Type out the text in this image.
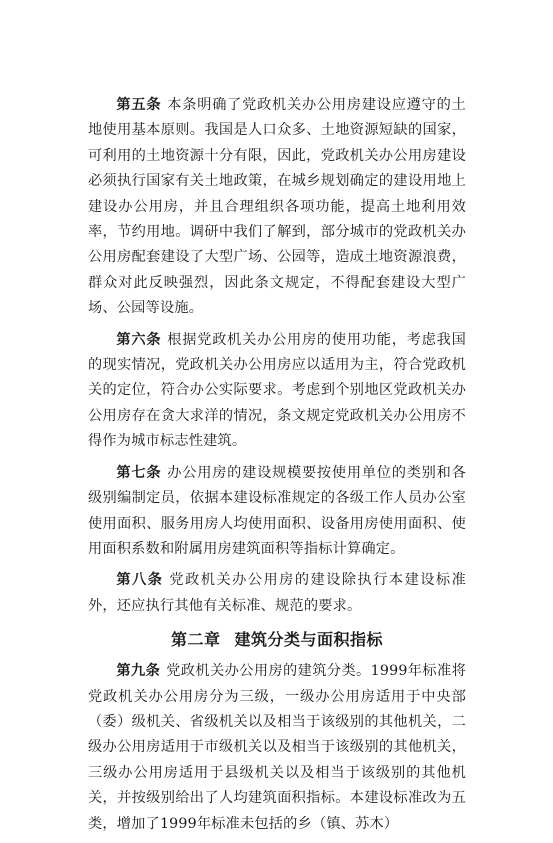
第五条 本条明确了党政机关办公用房建设应遵守的土地使用基本原则。我国是人口众多、土地资源短缺的国家，可利用的土地资源十分有限，因此，党政机关办公用房建设必须执行国家有关土地政策，在城乡规划确定的建设用地上建设办公用房，并且合理组织各项功能，提高土地利用效率，节约用地。调研中我们了解到，部分城市的党政机关办公用房配套建设了大型广场、公园等，造成土地资源浪费，群众对此反映强烈，因此条文规定，不得配套建设大型广场、公园等设施。

第六条 根据党政机关办公用房的使用功能，考虑我国的现实情况，党政机关办公用房应以适用为主，符合党政机关的定位，符合办公实际要求。考虑到个别地区党政机关办公用房存在贪大求洋的情况，条文规定党政机关办公用房不得作为城市标志性建筑。

第七条 办公用房的建设规模要按使用单位的类别和各级别编制定员，依据本建设标准规定的各级工作人员办公室使用面积、服务用房人均使用面积、设备用房使用面积、使用面积系数和附属用房建筑面积等指标计算确定。

第八条 党政机关办公用房的建设除执行本建设标准外，还应执行其他有关标准、规范的要求。

第二章 建筑分类与面积指标

第九条 党政机关办公用房的建筑分类。1999年标准将党政机关办公用房分为三级，一级办公用房适用于中央部（委）级机关、省级机关以及相当于该级别的其他机关，二级办公用房适用于市级机关以及相当于该级别的其他机关，三级办公用房适用于县级机关以及相当于该级别的其他机关，并按级别给出了人均建筑面积指标。本建设标准改为五类，增加了1999年标准未包括的乡（镇、苏木）
